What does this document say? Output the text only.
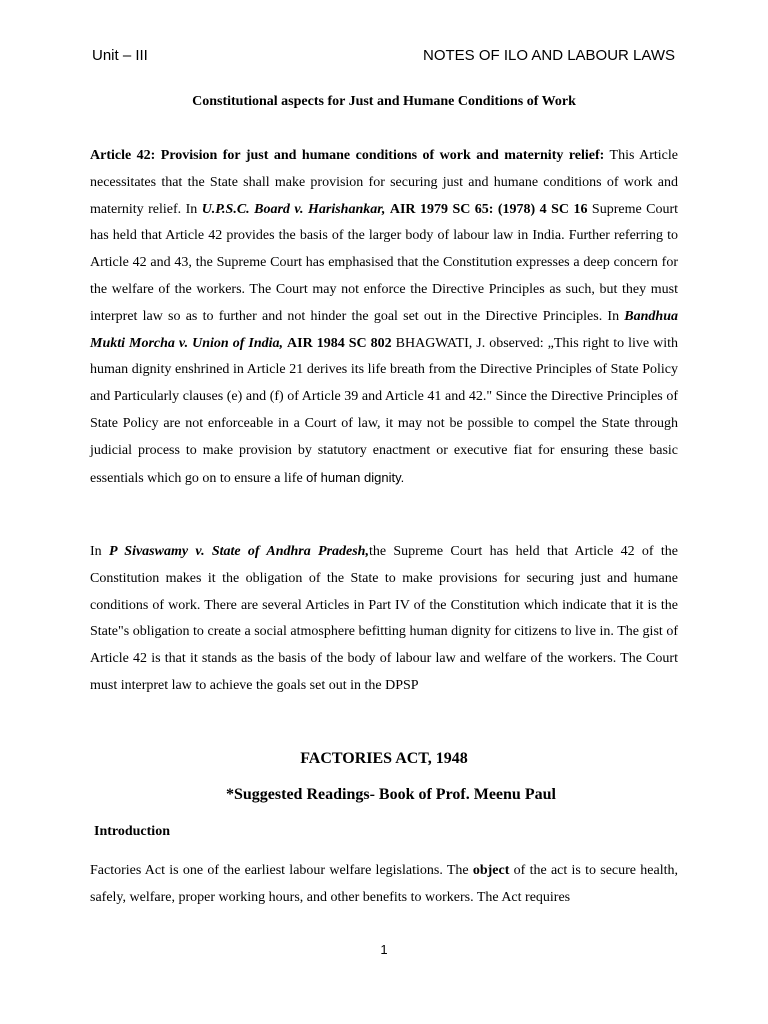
Unit – III	NOTES OF ILO AND LABOUR LAWS
Constitutional aspects for Just and Humane Conditions of Work
Article 42: Provision for just and humane conditions of work and maternity relief: This Article necessitates that the State shall make provision for securing just and humane conditions of work and maternity relief. In U.P.S.C. Board v. Harishankar, AIR 1979 SC 65: (1978) 4 SC 16 Supreme Court has held that Article 42 provides the basis of the larger body of labour law in India. Further referring to Article 42 and 43, the Supreme Court has emphasised that the Constitution expresses a deep concern for the welfare of the workers. The Court may not enforce the Directive Principles as such, but they must interpret law so as to further and not hinder the goal set out in the Directive Principles. In Bandhua Mukti Morcha v. Union of India, AIR 1984 SC 802 BHAGWATI, J. observed: „This right to live with human dignity enshrined in Article 21 derives its life breath from the Directive Principles of State Policy and Particularly clauses (e) and (f) of Article 39 and Article 41 and 42." Since the Directive Principles of State Policy are not enforceable in a Court of law, it may not be possible to compel the State through judicial process to make provision by statutory enactment or executive fiat for ensuring these basic essentials which go on to ensure a life of human dignity.
In P Sivaswamy v. State of Andhra Pradesh,the Supreme Court has held that Article 42 of the Constitution makes it the obligation of the State to make provisions for securing just and humane conditions of work. There are several Articles in Part IV of the Constitution which indicate that it is the State"s obligation to create a social atmosphere befitting human dignity for citizens to live in. The gist of Article 42 is that it stands as the basis of the body of labour law and welfare of the workers. The Court must interpret law to achieve the goals set out in the DPSP
FACTORIES ACT, 1948
*Suggested Readings- Book of Prof. Meenu Paul
Introduction
Factories Act is one of the earliest labour welfare legislations. The object of the act is to secure health, safely, welfare, proper working hours, and other benefits to workers. The Act requires
1
